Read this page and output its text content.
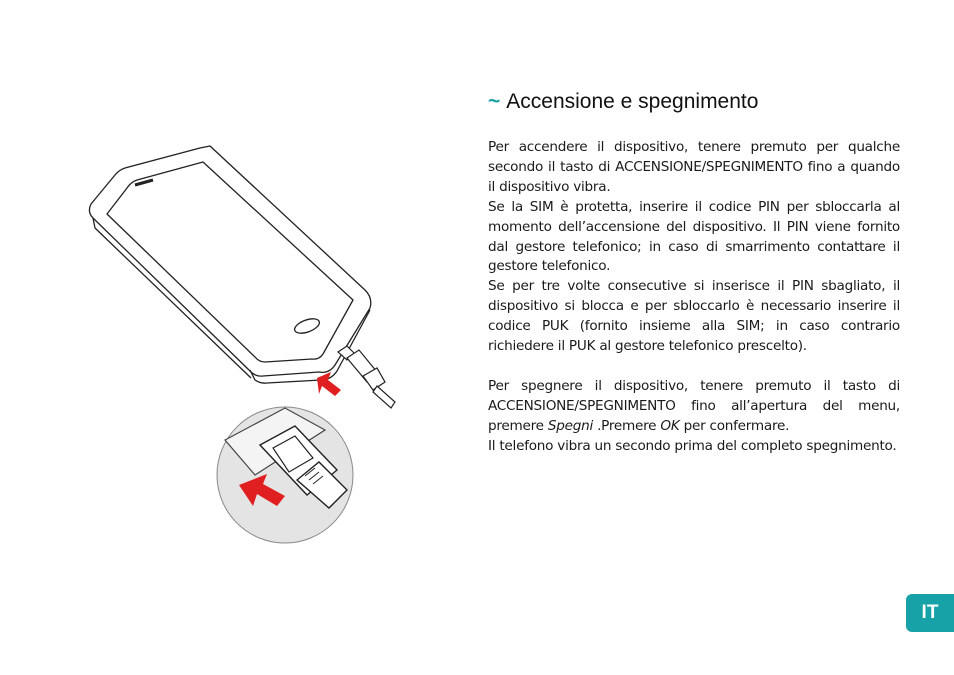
~ Accensione e spegnimento

Per accendere il dispositivo, tenere premuto per qualche secondo il tasto di ACCENSIONE/SPEGNIMENTO fino a quando il dispositivo vibra.

Se la SIM è protetta, inserire il codice PIN per sbloccarla al momento dell’accensione del dispositivo. Il PIN viene fornito dal gestore telefonico; in caso di smarrimento contattare il gestore telefonico.

Se per tre volte consecutive si inserisce il PIN sbagliato, il dispositivo si blocca e per sbloccarlo è necessario inserire il codice PUK (fornito insieme alla SIM; in caso contrario richiedere il PUK al gestore telefonico prescelto).

Per spegnere il dispositivo, tenere premuto il tasto di ACCENSIONE/SPEGNIMENTO fino all’apertura del menu, premere Spegni .Premere OK per confermare.

Il telefono vibra un secondo prima del completo spegnimento.

IT
